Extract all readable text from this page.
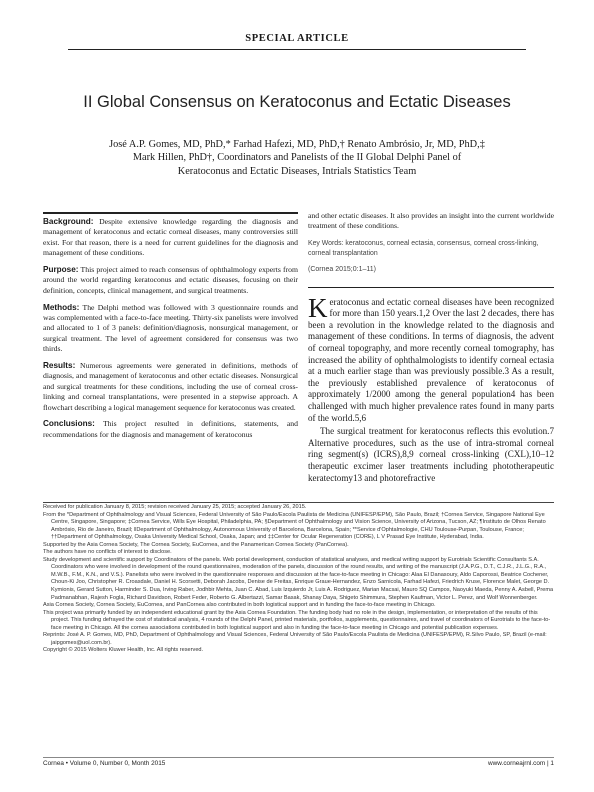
SPECIAL ARTICLE
II Global Consensus on Keratoconus and Ectatic Diseases
José A.P. Gomes, MD, PhD,* Farhad Hafezi, MD, PhD,† Renato Ambrósio, Jr, MD, PhD,‡
Mark Hillen, PhD†, Coordinators and Panelists of the II Global Delphi Panel of
Keratoconus and Ectatic Diseases, Intrials Statistics Team

Background: Despite extensive knowledge regarding the diagnosis and management of keratoconus and ectatic corneal diseases, many controversies still exist. For that reason, there is a need for current guidelines for the diagnosis and management of these conditions.

Purpose: This project aimed to reach consensus of ophthalmology experts from around the world regarding keratoconus and ectatic diseases, focusing on their definition, concepts, clinical management, and surgical treatments.

Methods: The Delphi method was followed with 3 questionnaire rounds and was complemented with a face-to-face meeting. Thirty-six panelists were involved and allocated to 1 of 3 panels: definition/diagnosis, nonsurgical management, or surgical treatment. The level of agreement considered for consensus was two thirds.

Results: Numerous agreements were generated in definitions, methods of diagnosis, and management of keratoconus and other ectatic diseases. Nonsurgical and surgical treatments for these conditions, including the use of corneal cross-linking and corneal transplantations, were presented in a stepwise approach. A flowchart describing a logical management sequence for keratoconus was created.

Conclusions: This project resulted in definitions, statements, and recommendations for the diagnosis and management of keratoconus

and other ectatic diseases. It also provides an insight into the current worldwide treatment of these conditions.

Key Words: keratoconus, corneal ectasia, consensus, corneal cross-linking, corneal transplantation

(Cornea 2015;0:1–11)

Keratoconus and ectatic corneal diseases have been recognized for more than 150 years.1,2 Over the last 2 decades, there has been a revolution in the knowledge related to the diagnosis and management of these conditions. In terms of diagnosis, the advent of corneal topography, and more recently corneal tomography, has increased the ability of ophthalmologists to identify corneal ectasia at a much earlier stage than was previously possible.3 As a result, the previously established prevalence of keratoconus of approximately 1/2000 among the general population4 has been challenged with much higher prevalence rates found in many parts of the world.5,6

The surgical treatment for keratoconus reflects this evolution.7 Alternative procedures, such as the use of intra-stromal corneal ring segment(s) (ICRS),8,9 corneal cross-linking (CXL),10–12 therapeutic excimer laser treatments including phototherapeutic keratectomy13 and photorefractive

Received for publication January 8, 2015; revision received January 25, 2015; accepted January 26, 2015.
From the *Department of Ophthalmology and Visual Sciences, Federal University of São Paulo/Escola Paulista de Medicina (UNIFESP/EPM), São Paulo, Brazil; †Cornea Service, Singapore National Eye Centre, Singapore, Singapore; ‡Cornea Service, Wills Eye Hospital, Philadelphia, PA; §Department of Ophthalmology and Vision Science, University of Arizona, Tucson, AZ; ¶Instituto de Olhos Renato Ambrósio, Rio de Janeiro, Brazil; ‖Department of Ophthalmology, Autonomous University of Barcelona, Barcelona, Spain; **Service d'Ophtalmologie, CHU Toulouse-Purpan, Toulouse, France; ††Department of Ophthalmology, Osaka University Medical School, Osaka, Japan; and ‡‡Center for Ocular Regeneration (CORE), L V Prasad Eye Institute, Hyderabad, India.
Supported by the Asia Cornea Society, The Cornea Society, EuCornea, and the Panamerican Cornea Society (PanCornea).
The authors have no conflicts of interest to disclose.
Study development and scientific support by Coordinators of the panels. Web portal development, conduction of statistical analyses, and medical writing support by Eurotrials Scientific Consultants S.A. Coordinators who were involved in development of the round questionnaires, moderation of the panels, discussion of the round results, and writing of the manuscript (J.A.P.G., D.T., C.J.R., J.L.G., R.A., M.W.B., F.M., K.N., and V.S.). Panelists who were involved in the questionnaire responses and discussion at the face-to-face meeting in Chicago: Alaa El Danasoury, Aldo Caporossi, Beatrice Cochener, Choun-Ki Joo, Christopher R. Croasdale, Daniel H. Scorsetti, Deborah Jacobs, Denise de Freitas, Enrique Graue-Hernandez, Enzo Sarnicola, Farhad Hafezi, Friedrich Kruse, Florence Malet, George D. Kymionis, Gerard Sutton, Harminder S. Dua, Irving Raber, Jodhbir Mehta, Juan C. Abad, Luis Izquierdo Jr, Luis A. Rodriguez, Marian Macsai, Mauro SQ Campos, Naoyuki Maeda, Penny A. Asbell, Prema Padmanabhan, Rajesh Fogla, Richard Davidson, Robert Feder, Roberto G. Albertazzi, Samar Basak, Shanay Daya, Shigeto Shimmura, Stephen Kaufman, Victor L. Perez, and Wolf Wonnenberger.
Asia Cornea Society, Cornea Society, EuCornea, and PanCornea also contributed in both logistical support and in funding the face-to-face meeting in Chicago.
This project was primarily funded by an independent educational grant by the Asia Cornea Foundation. The funding body had no role in the design, implementation, or interpretation of the results of this project. This funding defrayed the cost of statistical analysis, 4 rounds of the Delphi Panel, printed materials, portfolios, supplements, questionnaires, and travel of coordinators of Eurotrials to the face-to-face meeting in Chicago. All the cornea associations contributed in both logistical support and also in funding the face-to-face meeting in Chicago and potential publication expenses.
Reprints: José A. P. Gomes, MD, PhD, Department of Ophthalmology and Visual Sciences, Federal University of São Paulo/Escola Paulista de Medicina (UNIFESP/EPM), R.Silvo Paulo, SP, Brazil (e-mail: jaipgomes@uol.com.br).
Copyright © 2015 Wolters Kluwer Health, Inc. All rights reserved.
Cornea • Volume 0, Number 0, Month 2015	www.corneajrnl.com | 1
